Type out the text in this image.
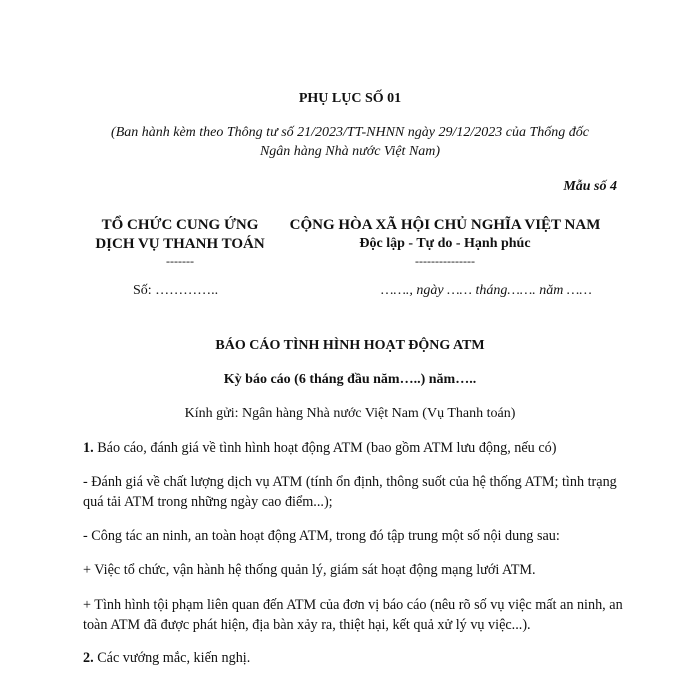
PHỤ LỤC SỐ 01
(Ban hành kèm theo Thông tư số 21/2023/TT-NHNN ngày 29/12/2023 của Thống đốc
Ngân hàng Nhà nước Việt Nam)
Mẫu số 4
TỔ CHỨC CUNG ỨNG
DỊCH VỤ THANH TOÁN
-------
Số: …………..
CỘNG HÒA XÃ HỘI CHỦ NGHĨA VIỆT NAM
Độc lập - Tự do - Hạnh phúc
---------------
……., ngày …… tháng……. năm ……
BÁO CÁO TÌNH HÌNH HOẠT ĐỘNG ATM
Kỳ báo cáo (6 tháng đầu năm…..) năm…..
Kính gửi: Ngân hàng Nhà nước Việt Nam (Vụ Thanh toán)
1. Báo cáo, đánh giá về tình hình hoạt động ATM (bao gồm ATM lưu động, nếu có)
- Đánh giá về chất lượng dịch vụ ATM (tính ổn định, thông suốt của hệ thống ATM; tình trạng quá tải ATM trong những ngày cao điểm...);
- Công tác an ninh, an toàn hoạt động ATM, trong đó tập trung một số nội dung sau:
+ Việc tổ chức, vận hành hệ thống quản lý, giám sát hoạt động mạng lưới ATM.
+ Tình hình tội phạm liên quan đến ATM của đơn vị báo cáo (nêu rõ số vụ việc mất an ninh, an toàn ATM đã được phát hiện, địa bàn xảy ra, thiệt hại, kết quả xử lý vụ việc...).
2. Các vướng mắc, kiến nghị.
